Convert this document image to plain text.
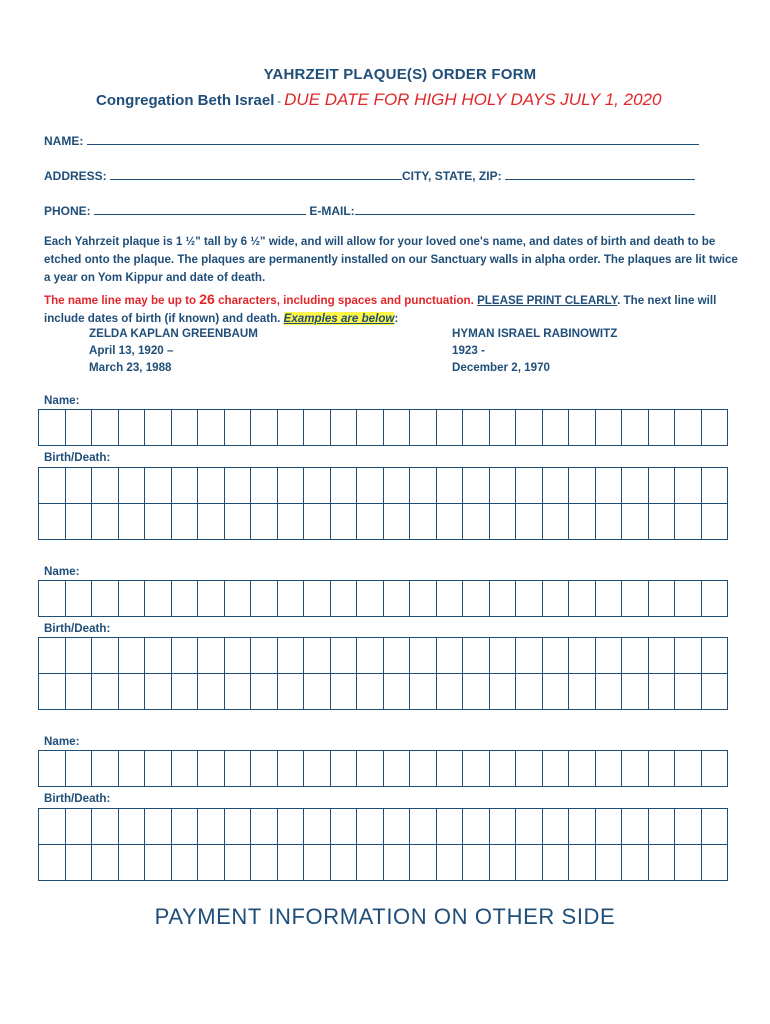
YAHRZEIT PLAQUE(S) ORDER FORM
Congregation Beth Israel - DUE DATE FOR HIGH HOLY DAYS JULY 1, 2020
NAME:
ADDRESS:	CITY, STATE, ZIP:
PHONE:	E-MAIL:
Each Yahrzeit plaque is 1 ½" tall by 6 ½" wide, and will allow for your loved one's name, and dates of birth and death to be etched onto the plaque. The plaques are permanently installed on our Sanctuary walls in alpha order. The plaques are lit twice a year on Yom Kippur and date of death.
The name line may be up to 26 characters, including spaces and punctuation. PLEASE PRINT CLEARLY. The next line will include dates of birth (if known) and death. Examples are below:
ZELDA KAPLAN GREENBAUM
April 13, 1920 –
March 23, 1988
HYMAN ISRAEL RABINOWITZ
1923 -
December 2, 1970
Name:
Birth/Death:
Name:
Birth/Death:
Name:
Birth/Death:
PAYMENT INFORMATION ON OTHER SIDE
